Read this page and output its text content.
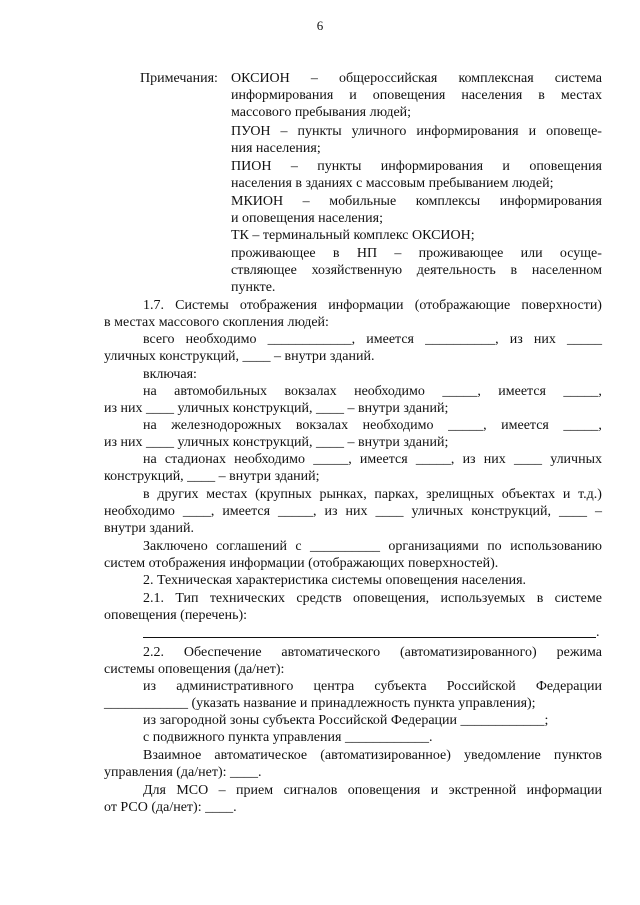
6
Примечания: ОКСИОН – общероссийская комплексная система
информирования и оповещения населения в местах
массового пребывания людей;
ПУОН – пункты уличного информирования и оповеще-
ния населения;
ПИОН – пункты информирования и оповещения
населения в зданиях с массовым пребыванием людей;
МКИОН – мобильные комплексы информирования
и оповещения населения;
ТК – терминальный комплекс ОКСИОН;
проживающее в НП – проживающее или осуще-
ствляющее хозяйственную деятельность в населенном
пункте.
1.7. Системы отображения информации (отображающие поверхности)
в местах массового скопления людей:
всего необходимо ____________, имеется __________, из них _____
уличных конструкций, ____ – внутри зданий.
включая:
на автомобильных вокзалах необходимо _____, имеется _____,
из них ____ уличных конструкций, ____ – внутри зданий;
на железнодорожных вокзалах необходимо _____, имеется _____,
из них ____ уличных конструкций, ____ – внутри зданий;
на стадионах необходимо _____, имеется _____, из них ____ уличных
конструкций, ____ – внутри зданий;
в других местах (крупных рынках, парках, зрелищных объектах и т.д.)
необходимо ____, имеется _____, из них ____ уличных конструкций, ____ –
внутри зданий.
Заключено соглашений с __________ организациями по использованию
систем отображения информации (отображающих поверхностей).
2. Техническая характеристика системы оповещения населения.
2.1. Тип технических средств оповещения, используемых в системе
оповещения (перечень):
.
2.2. Обеспечение автоматического (автоматизированного) режима
системы оповещения (да/нет):
из административного центра субъекта Российской Федерации
____________ (указать название и принадлежность пункта управления);
из загородной зоны субъекта Российской Федерации ____________;
с подвижного пункта управления ____________.
Взаимное автоматическое (автоматизированное) уведомление пунктов
управления (да/нет): ____.
Для МСО – прием сигналов оповещения и экстренной информации
от РСО (да/нет): ____.
